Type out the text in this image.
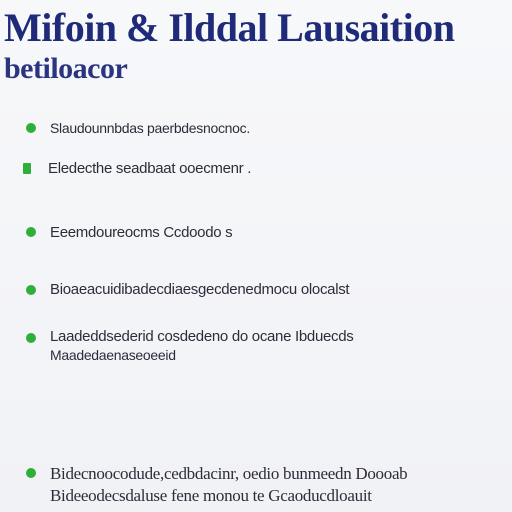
Mifoin & Ilddal Lausaition
betiloacor
Slaudounnbdas paerbdesnocnoc.
Eledecthe seadbaat ooecmenr .
Eeemdoureocms Ccdoodo s
Bioaeacuidibadecdiaesgecdenedmocu olocalst
Laadeddsederid cosdedeno do ocane Ibduecds
Maadedaenaseoeeid
Bidecnoocodude,cedbdacinr, oedio bunmeedn Doooab
Bideeodecsdaluse fene monou te Gcaoducdloauit
